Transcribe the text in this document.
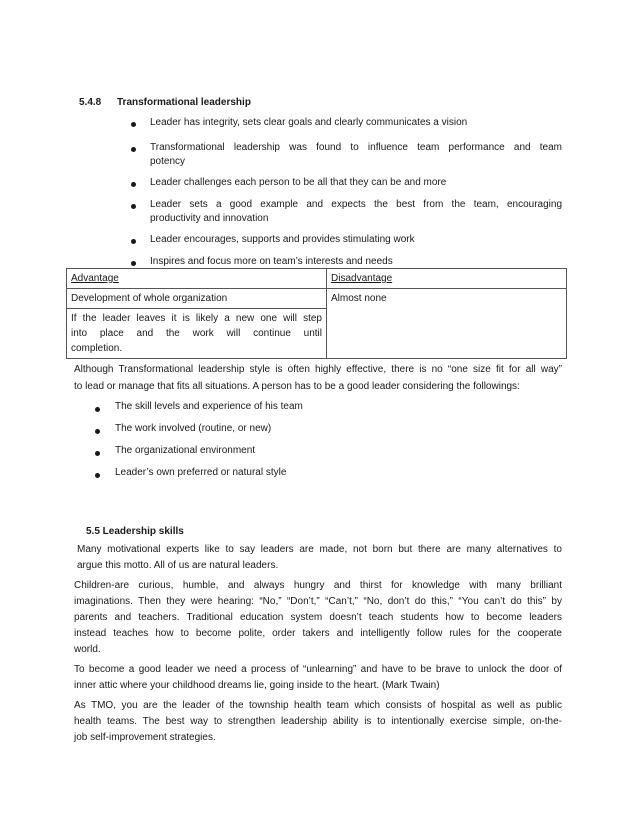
5.4.8 Transformational leadership
Leader has integrity, sets clear goals and clearly communicates a vision
Transformational leadership was found to influence team performance and team
potency
Leader challenges each person to be all that they can be and more
Leader sets a good example and expects the best from the team, encouraging
productivity and innovation
Leader encourages, supports and provides stimulating work
Inspires and focus more on team’s interests and needs
Advantage	Disadvantage
Development of whole organization	Almost none

If the leader leaves it is likely a new one will step
into place and the work will continue until
completion.	
Although Transformational leadership style is often highly effective, there is no “one size fit for all way”
to lead or manage that fits all situations. A person has to be a good leader considering the followings:
The skill levels and experience of his team
The work involved (routine, or new)
The organizational environment
Leader’s own preferred or natural style
5.5 Leadership skills
Many motivational experts like to say leaders are made, not born but there are many alternatives to
argue this motto. All of us are natural leaders.
Children-are curious, humble, and always hungry and thirst for knowledge with many brilliant
imaginations. Then they were hearing: “No,” “Don’t,” “Can’t,” “No, don’t do this,” “You can’t do this” by
parents and teachers. Traditional education system doesn’t teach students how to become leaders
instead teaches how to become polite, order takers and intelligently follow rules for the cooperate
world.
To become a good leader we need a process of “unlearning” and have to be brave to unlock the door of
inner attic where your childhood dreams lie, going inside to the heart. (Mark Twain)
As TMO, you are the leader of the township health team which consists of hospital as well as public
health teams. The best way to strengthen leadership ability is to intentionally exercise simple, on-the-
job self-improvement strategies.
